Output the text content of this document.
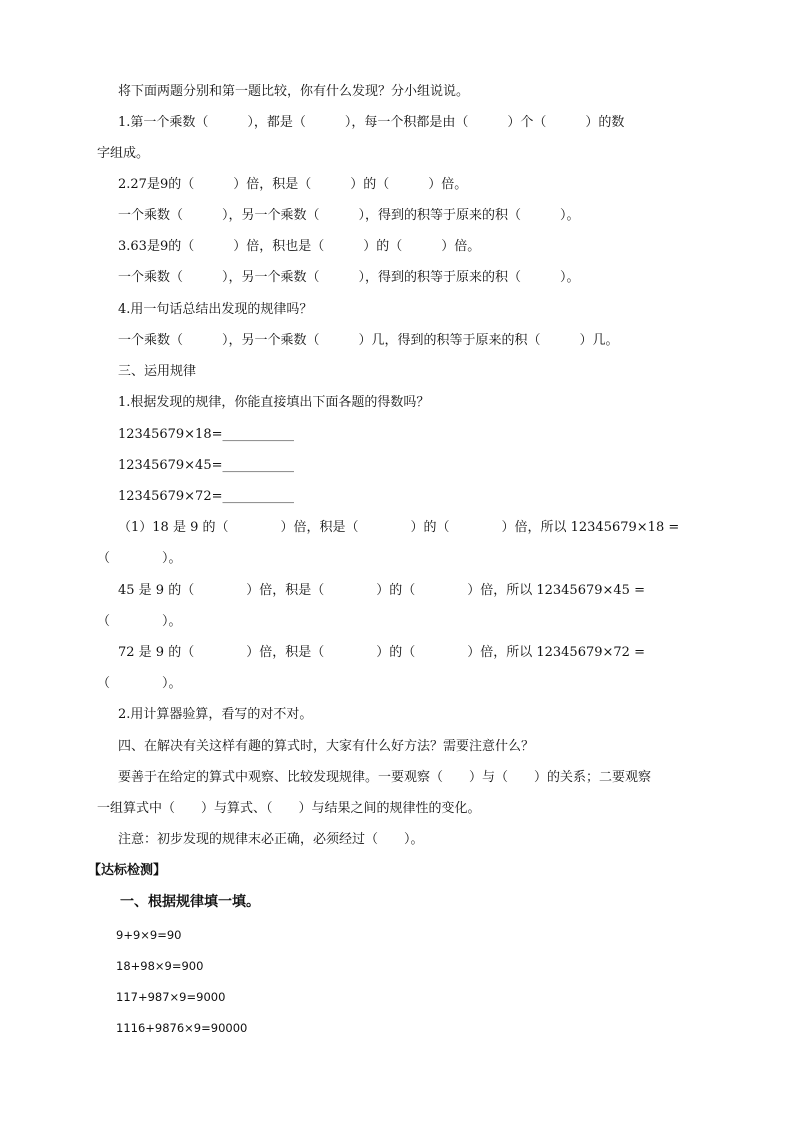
将下面两题分别和第一题比较，你有什么发现？分小组说说。
1.第一个乘数（　　　），都是（　　　），每一个积都是由（　　　）个（　　　）的数
字组成。
2.27是9的（　　　）倍，积是（　　　）的（　　　）倍。
一个乘数（　　　），另一个乘数（　　　），得到的积等于原来的积（　　　）。
3.63是9的（　　　）倍，积也是（　　　）的（　　　）倍。
一个乘数（　　　），另一个乘数（　　　），得到的积等于原来的积（　　　）。
4.用一句话总结出发现的规律吗？
一个乘数（　　　），另一个乘数（　　　）几，得到的积等于原来的积（　　　）几。
三、运用规律
1.根据发现的规律，你能直接填出下面各题的得数吗？
12345679×18=___________
12345679×45=___________
12345679×72=___________
（1）18 是 9 的（　　　　）倍，积是（　　　　）的（　　　　）倍，所以 12345679×18 =
（　　　　）。
45 是 9 的（　　　　）倍，积是（　　　　）的（　　　　）倍，所以 12345679×45 =
（　　　　）。
72 是 9 的（　　　　）倍，积是（　　　　）的（　　　　）倍，所以 12345679×72 =
（　　　　）。
2.用计算器验算，看写的对不对。
四、在解决有关这样有趣的算式时，大家有什么好方法？需要注意什么？
要善于在给定的算式中观察、比较发现规律。一要观察（　　）与（　　）的关系；二要观察
一组算式中（　　）与算式、（　　）与结果之间的规律性的变化。
注意：初步发现的规律末必正确，必须经过（　　）。
【达标检测】
一、根据规律填一填。
9+9×9=90
18+98×9=900
117+987×9=9000
1116+9876×9=90000
